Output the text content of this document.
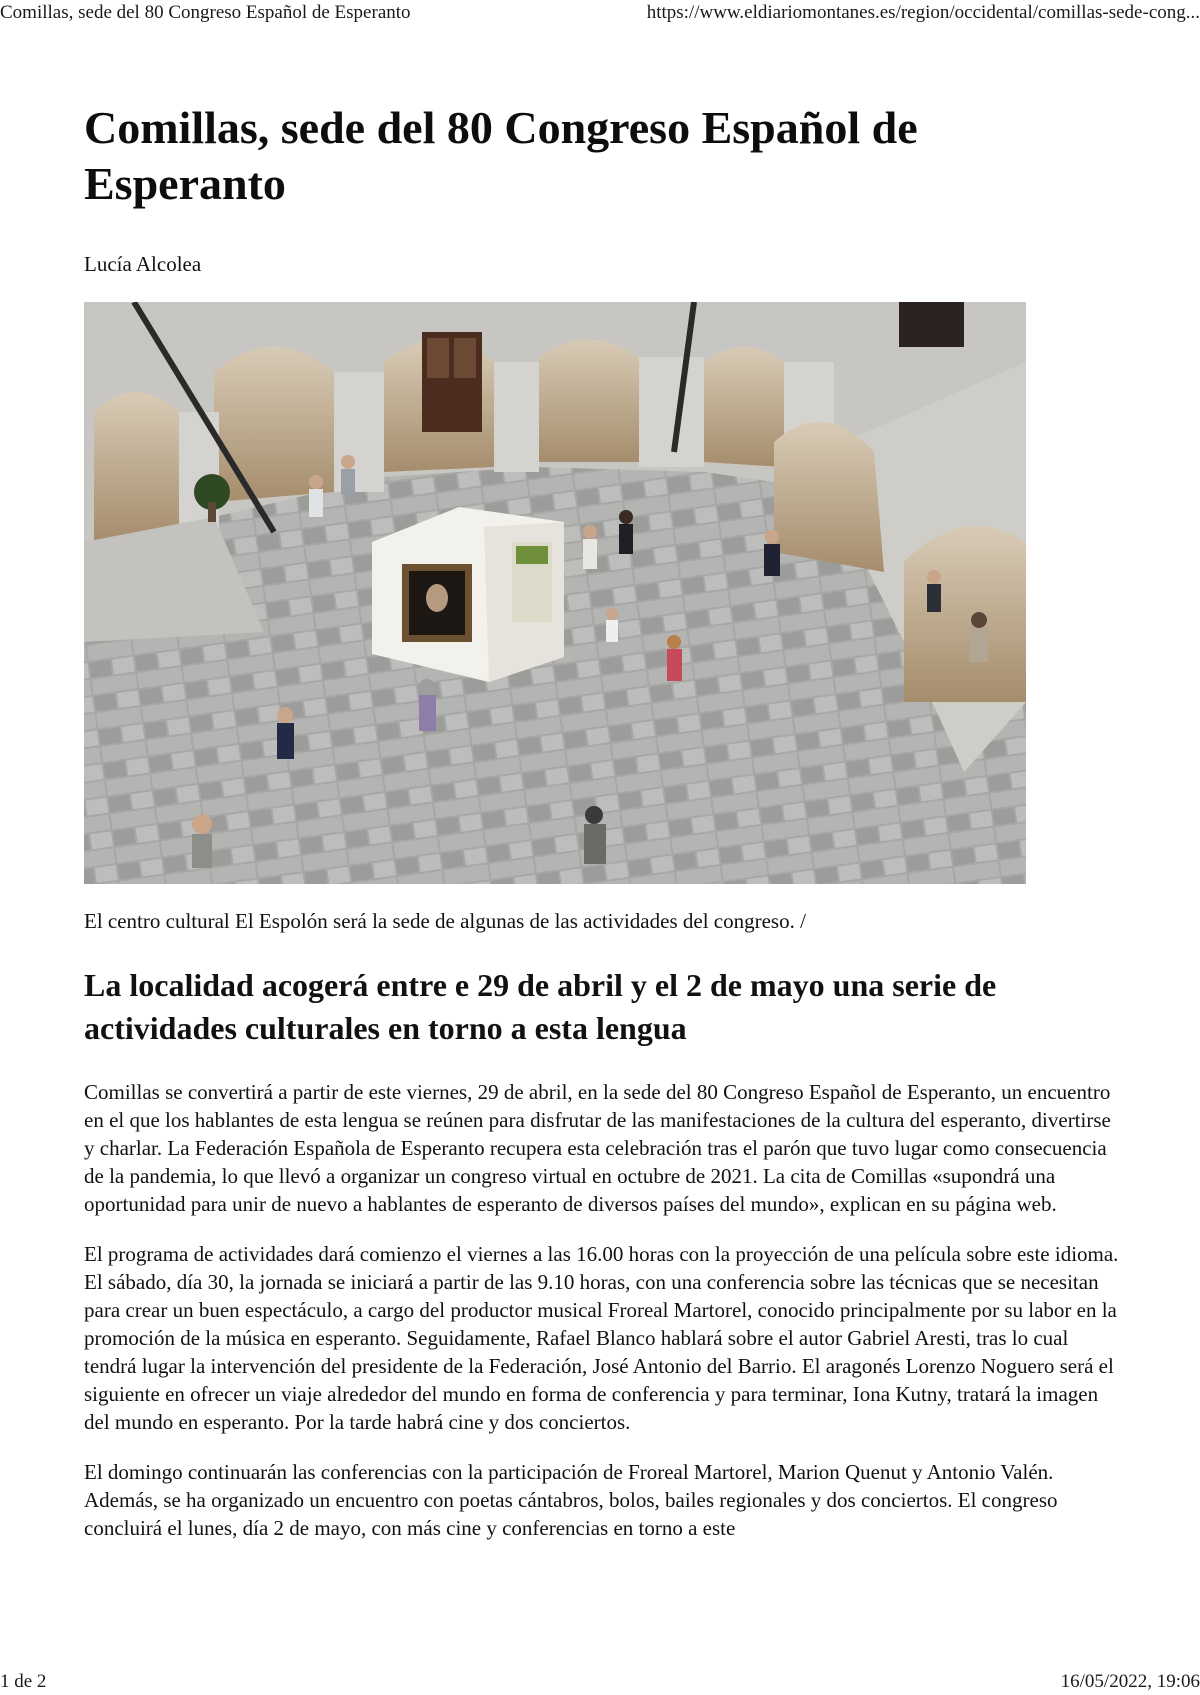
Comillas, sede del 80 Congreso Español de Esperanto	https://www.eldiariomontanes.es/region/occidental/comillas-sede-cong...
Comillas, sede del 80 Congreso Español de Esperanto

Lucía Alcolea

El centro cultural El Espolón será la sede de algunas de las actividades del congreso. /

La localidad acogerá entre e 29 de abril y el 2 de mayo una serie de actividades culturales en torno a esta lengua

Comillas se convertirá a partir de este viernes, 29 de abril, en la sede del 80 Congreso Español de Esperanto, un encuentro en el que los hablantes de esta lengua se reúnen para disfrutar de las manifestaciones de la cultura del esperanto, divertirse y charlar. La Federación Española de Esperanto recupera esta celebración tras el parón que tuvo lugar como consecuencia de la pandemia, lo que llevó a organizar un congreso virtual en octubre de 2021. La cita de Comillas «supondrá una oportunidad para unir de nuevo a hablantes de esperanto de diversos países del mundo», explican en su página web.

El programa de actividades dará comienzo el viernes a las 16.00 horas con la proyección de una película sobre este idioma. El sábado, día 30, la jornada se iniciará a partir de las 9.10 horas, con una conferencia sobre las técnicas que se necesitan para crear un buen espectáculo, a cargo del productor musical Froreal Martorel, conocido principalmente por su labor en la promoción de la música en esperanto. Seguidamente, Rafael Blanco hablará sobre el autor Gabriel Aresti, tras lo cual tendrá lugar la intervención del presidente de la Federación, José Antonio del Barrio. El aragonés Lorenzo Noguero será el siguiente en ofrecer un viaje alrededor del mundo en forma de conferencia y para terminar, Iona Kutny, tratará la imagen del mundo en esperanto. Por la tarde habrá cine y dos conciertos.

El domingo continuarán las conferencias con la participación de Froreal Martorel, Marion Quenut y Antonio Valén. Además, se ha organizado un encuentro con poetas cántabros, bolos, bailes regionales y dos conciertos. El congreso concluirá el lunes, día 2 de mayo, con más cine y conferencias en torno a este

1 de 2	16/05/2022, 19:06
